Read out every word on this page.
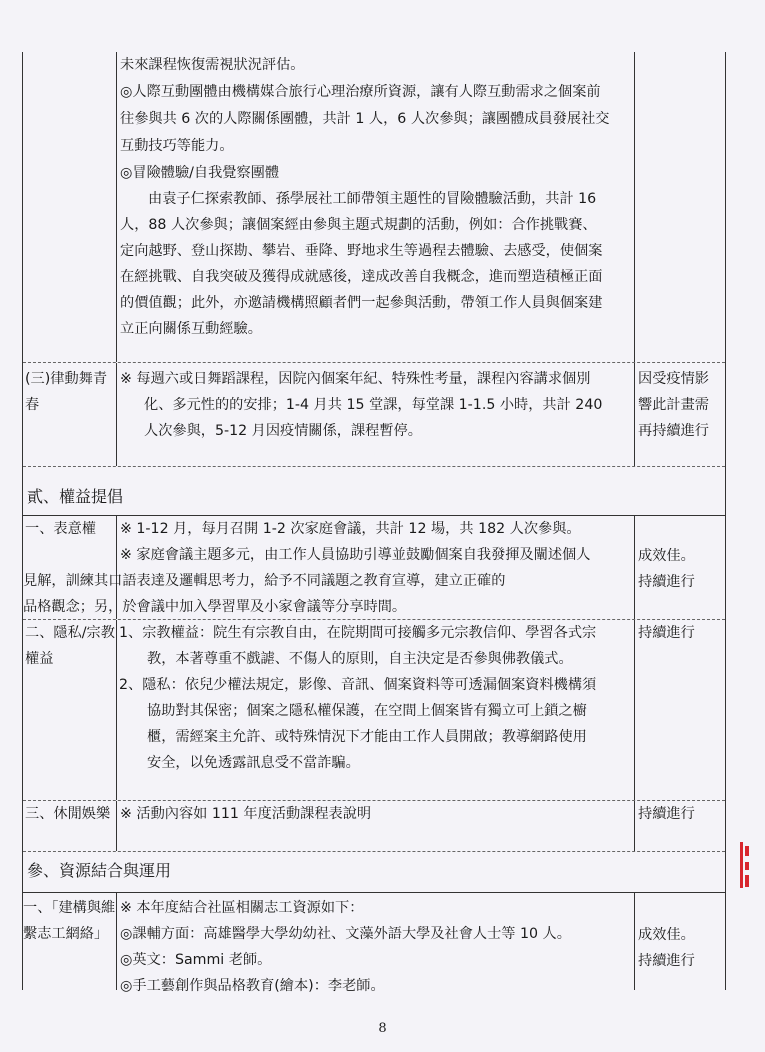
未來課程恢復需視狀況評估。
◎人際互動團體由機構媒合旅行心理治療所資源，讓有人際互動需求之個案前
往參與共 6 次的人際關係團體，共計 1 人，6 人次參與；讓團體成員發展社交
互動技巧等能力。
◎冒險體驗/自我覺察團體
由袁子仁探索教師、孫學展社工師帶領主題性的冒險體驗活動，共計 16
人，88 人次參與；讓個案經由參與主題式規劃的活動，例如：合作挑戰賽、
定向越野、登山探勘、攀岩、垂降、野地求生等過程去體驗、去感受，使個案
在經挑戰、自我突破及獲得成就感後，達成改善自我概念，進而塑造積極正面
的價值觀；此外，亦邀請機構照顧者們一起參與活動，帶領工作人員與個案建
立正向關係互動經驗。
(三)律動舞青
春
※ 每週六或日舞蹈課程，因院內個案年紀、特殊性考量，課程內容講求個別
化、多元性的的安排；1-4 月共 15 堂課，每堂課 1-1.5 小時，共計 240
人次參與，5-12 月因疫情關係，課程暫停。
因受疫情影
響此計畫需
再持續進行
貳、權益提倡
一、表意權 ※ 1-12 月，每月召開 1-2 次家庭會議，共計 12 場，共 182 人次參與。
※ 家庭會議主題多元，由工作人員協助引導並鼓勵個案自我發揮及闡述個人
見解，訓練其口語表達及邏輯思考力，給予不同議題之教育宣導，建立正確的
品格觀念；另，於會議中加入學習單及小家會議等分享時間。
成效佳。
持續進行
二、隱私/宗教
權益
1、宗教權益：院生有宗教自由，在院期間可接觸多元宗教信仰、學習各式宗
教，本著尊重不戲謔、不傷人的原則，自主決定是否參與佛教儀式。
2、隱私：依兒少權法規定，影像、音訊、個案資料等可透漏個案資料機構須
協助對其保密；個案之隱私權保護，在空間上個案皆有獨立可上鎖之櫥
櫃，需經案主允許、或特殊情況下才能由工作人員開啟；教導網路使用
安全，以免透露訊息受不當詐騙。
持續進行
三、休閒娛樂 ※ 活動內容如 111 年度活動課程表說明	持續進行
參、資源結合與運用
一、「建構與維
繫志工網絡」
※ 本年度結合社區相關志工資源如下：
◎課輔方面：高雄醫學大學幼幼社、文藻外語大學及社會人士等 10 人。
◎英文：Sammi 老師。
◎手工藝創作與品格教育(繪本)：李老師。
成效佳。
持續進行
8
